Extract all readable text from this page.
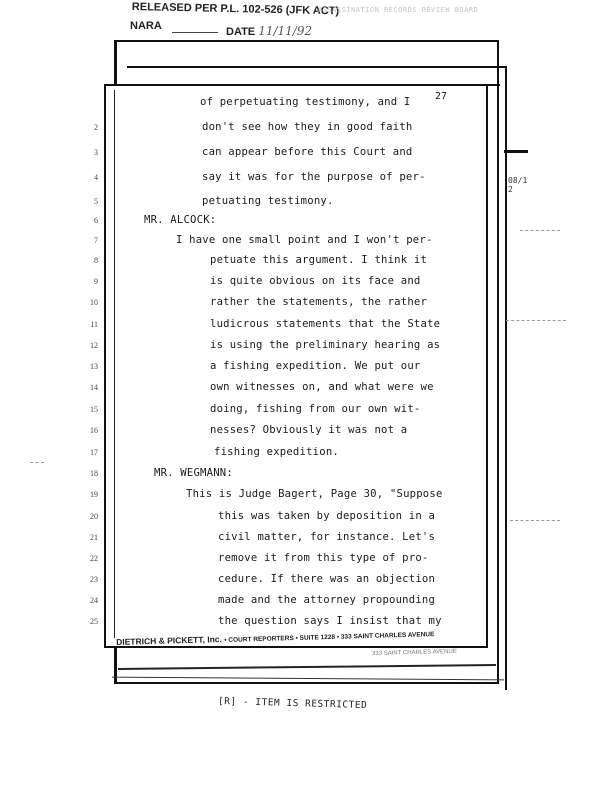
RELEASED PER P.L. 102-526 (JFK ACT)
NARA	DATE 11/11/92
ASSASSINATION RECORDS REVIEW BOARD
08/1
2
27
2
3
4
5
6
7
8
9
10
11
12
13
14
15
16
17
18
19
20
21
22
23
24
25
of perpetuating testimony, and I
don't see how they in good faith
can appear before this Court and
say it was for the purpose of per-
petuating testimony.
MR. ALCOCK:
I have one small point and I won't per-
petuate this argument. I think it
is quite obvious on its face and
rather the statements, the rather
ludicrous statements that the State
is using the preliminary hearing as
a fishing expedition. We put our
own witnesses on, and what were we
doing, fishing from our own wit-
nesses? Obviously it was not a
fishing expedition.
MR. WEGMANN:
This is Judge Bagert, Page 30, "Suppose
this was taken by deposition in a
civil matter, for instance. Let's
remove it from this type of pro-
cedure. If there was an objection
made and the attorney propounding
the question says I insist that my
DIETRICH & PICKETT, Inc. • COURT REPORTERS • SUITE 1228 • 333 SAINT CHARLES AVENUE
333 SAINT CHARLES AVENUE
[R] - ITEM IS RESTRICTED
